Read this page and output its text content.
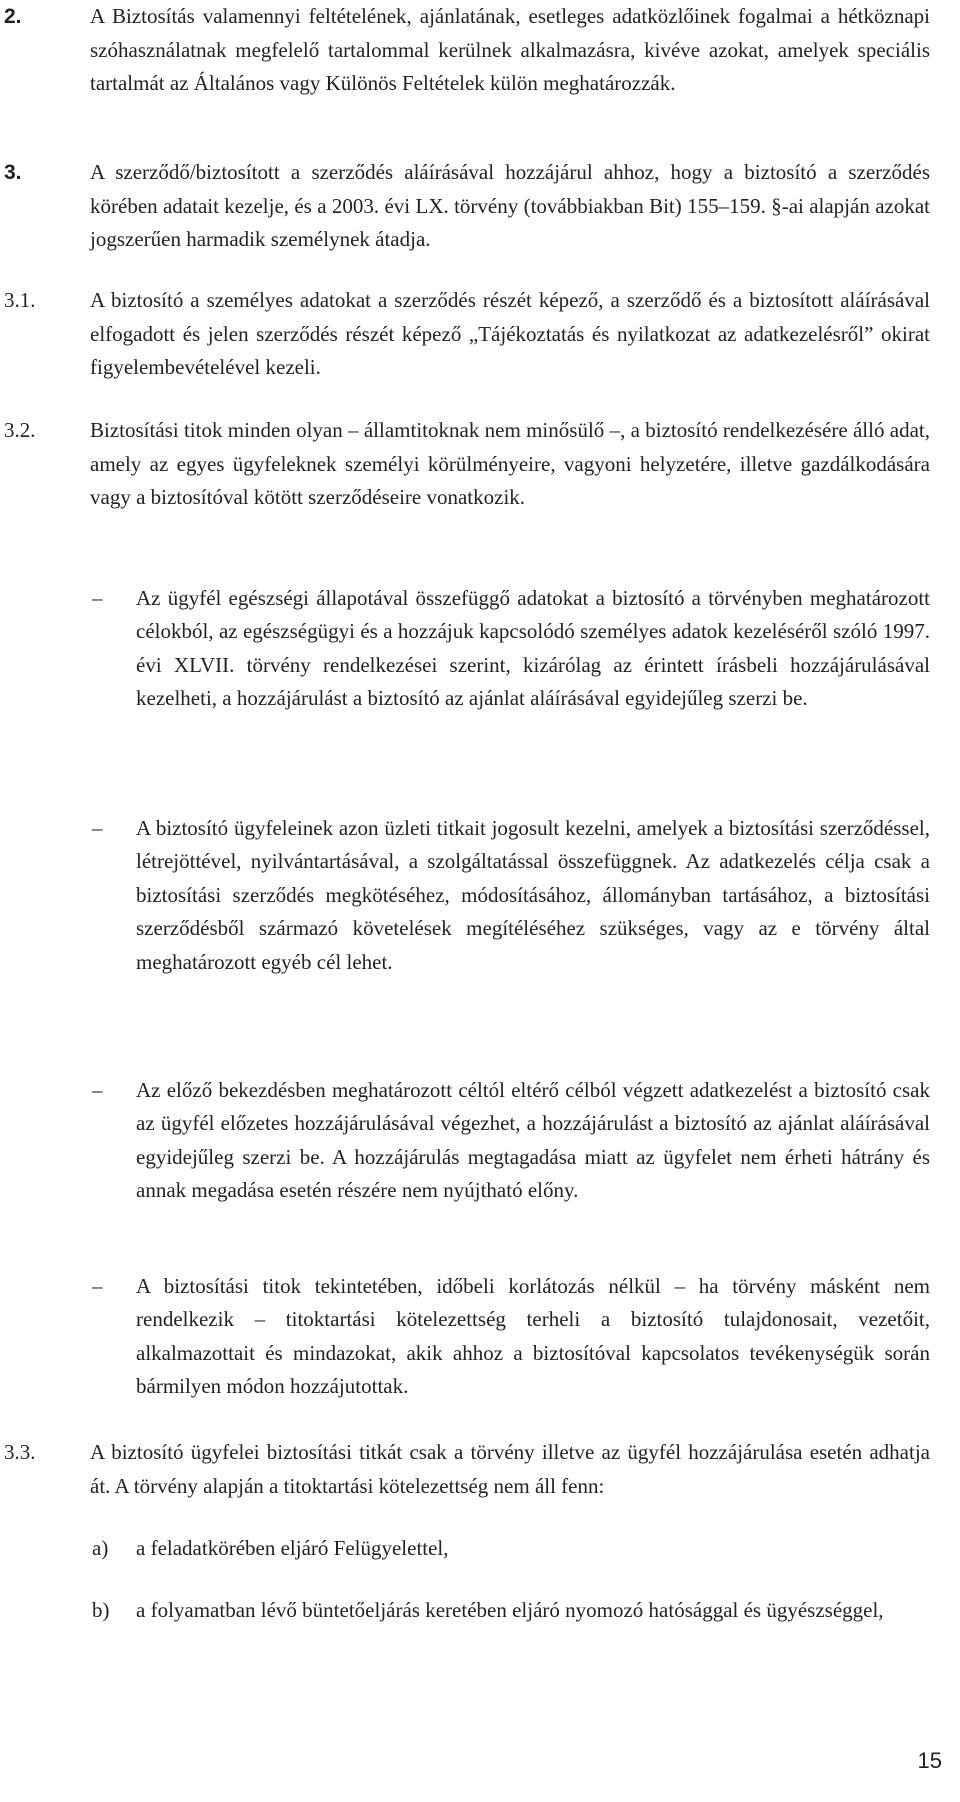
2.	A Biztosítás valamennyi feltételének, ajánlatának, esetleges adatközlőinek fogalmai a hétköznapi szóhasználatnak megfelelő tartalommal kerülnek alkalmazásra, kivéve azokat, amelyek speciális tartalmát az Általános vagy Különös Feltételek külön meghatározzák.
3.	A szerződő/biztosított a szerződés aláírásával hozzájárul ahhoz, hogy a biztosító a szerződés körében adatait kezelje, és a 2003. évi LX. törvény (továbbiakban Bit) 155–159. §-ai alapján azokat jogszerűen harmadik személynek átadja.
3.1.	A biztosító a személyes adatokat a szerződés részét képező, a szerződő és a biztosított aláírásával elfogadott és jelen szerződés részét képező „Tájékoztatás és nyilatkozat az adatkezelésről” okirat figyelembevételével kezeli.
3.2.	Biztosítási titok minden olyan – államtitoknak nem minősülő –, a biztosító rendelkezésére álló adat, amely az egyes ügyfeleknek személyi körülményeire, vagyoni helyzetére, illetve gazdálkodására vagy a biztosítóval kötött szerződéseire vonatkozik.
– Az ügyfél egészségi állapotával összefüggő adatokat a biztosító a törvényben meghatározott célokból, az egészségügyi és a hozzájuk kapcsolódó személyes adatok kezeléséről szóló 1997. évi XLVII. törvény rendelkezései szerint, kizárólag az érintett írásbeli hozzájárulásával kezelheti, a hozzájárulást a biztosító az ajánlat aláírásával egyidejűleg szerzi be.
– A biztosító ügyfeleinek azon üzleti titkait jogosult kezelni, amelyek a biztosítási szerződéssel, létrejöttével, nyilvántartásával, a szolgáltatással összefüggnek. Az adatkezelés célja csak a biztosítási szerződés megkötéséhez, módosításához, állományban tartásához, a biztosítási szerződésből származó követelések megítéléséhez szükséges, vagy az e törvény által meghatározott egyéb cél lehet.
– Az előző bekezdésben meghatározott céltól eltérő célból végzett adatkezelést a biztosító csak az ügyfél előzetes hozzájárulásával végezhet, a hozzájárulást a biztosító az ajánlat aláírásával egyidejűleg szerzi be. A hozzájárulás megtagadása miatt az ügyfelet nem érheti hátrány és annak megadása esetén részére nem nyújtható előny.
– A biztosítási titok tekintetében, időbeli korlátozás nélkül – ha törvény másként nem rendelkezik – titoktartási kötelezettség terheli a biztosító tulajdonosait, vezetőit, alkalmazottait és mindazokat, akik ahhoz a biztosítóval kapcsolatos tevékenységük során bármilyen módon hozzájutottak.
3.3.	A biztosító ügyfelei biztosítási titkát csak a törvény illetve az ügyfél hozzájárulása esetén adhatja át. A törvény alapján a titoktartási kötelezettség nem áll fenn:
a) a feladatkörében eljáró Felügyelettel,
b) a folyamatban lévő büntetőeljárás keretében eljáró nyomozó hatósággal és ügyészséggel,
15
